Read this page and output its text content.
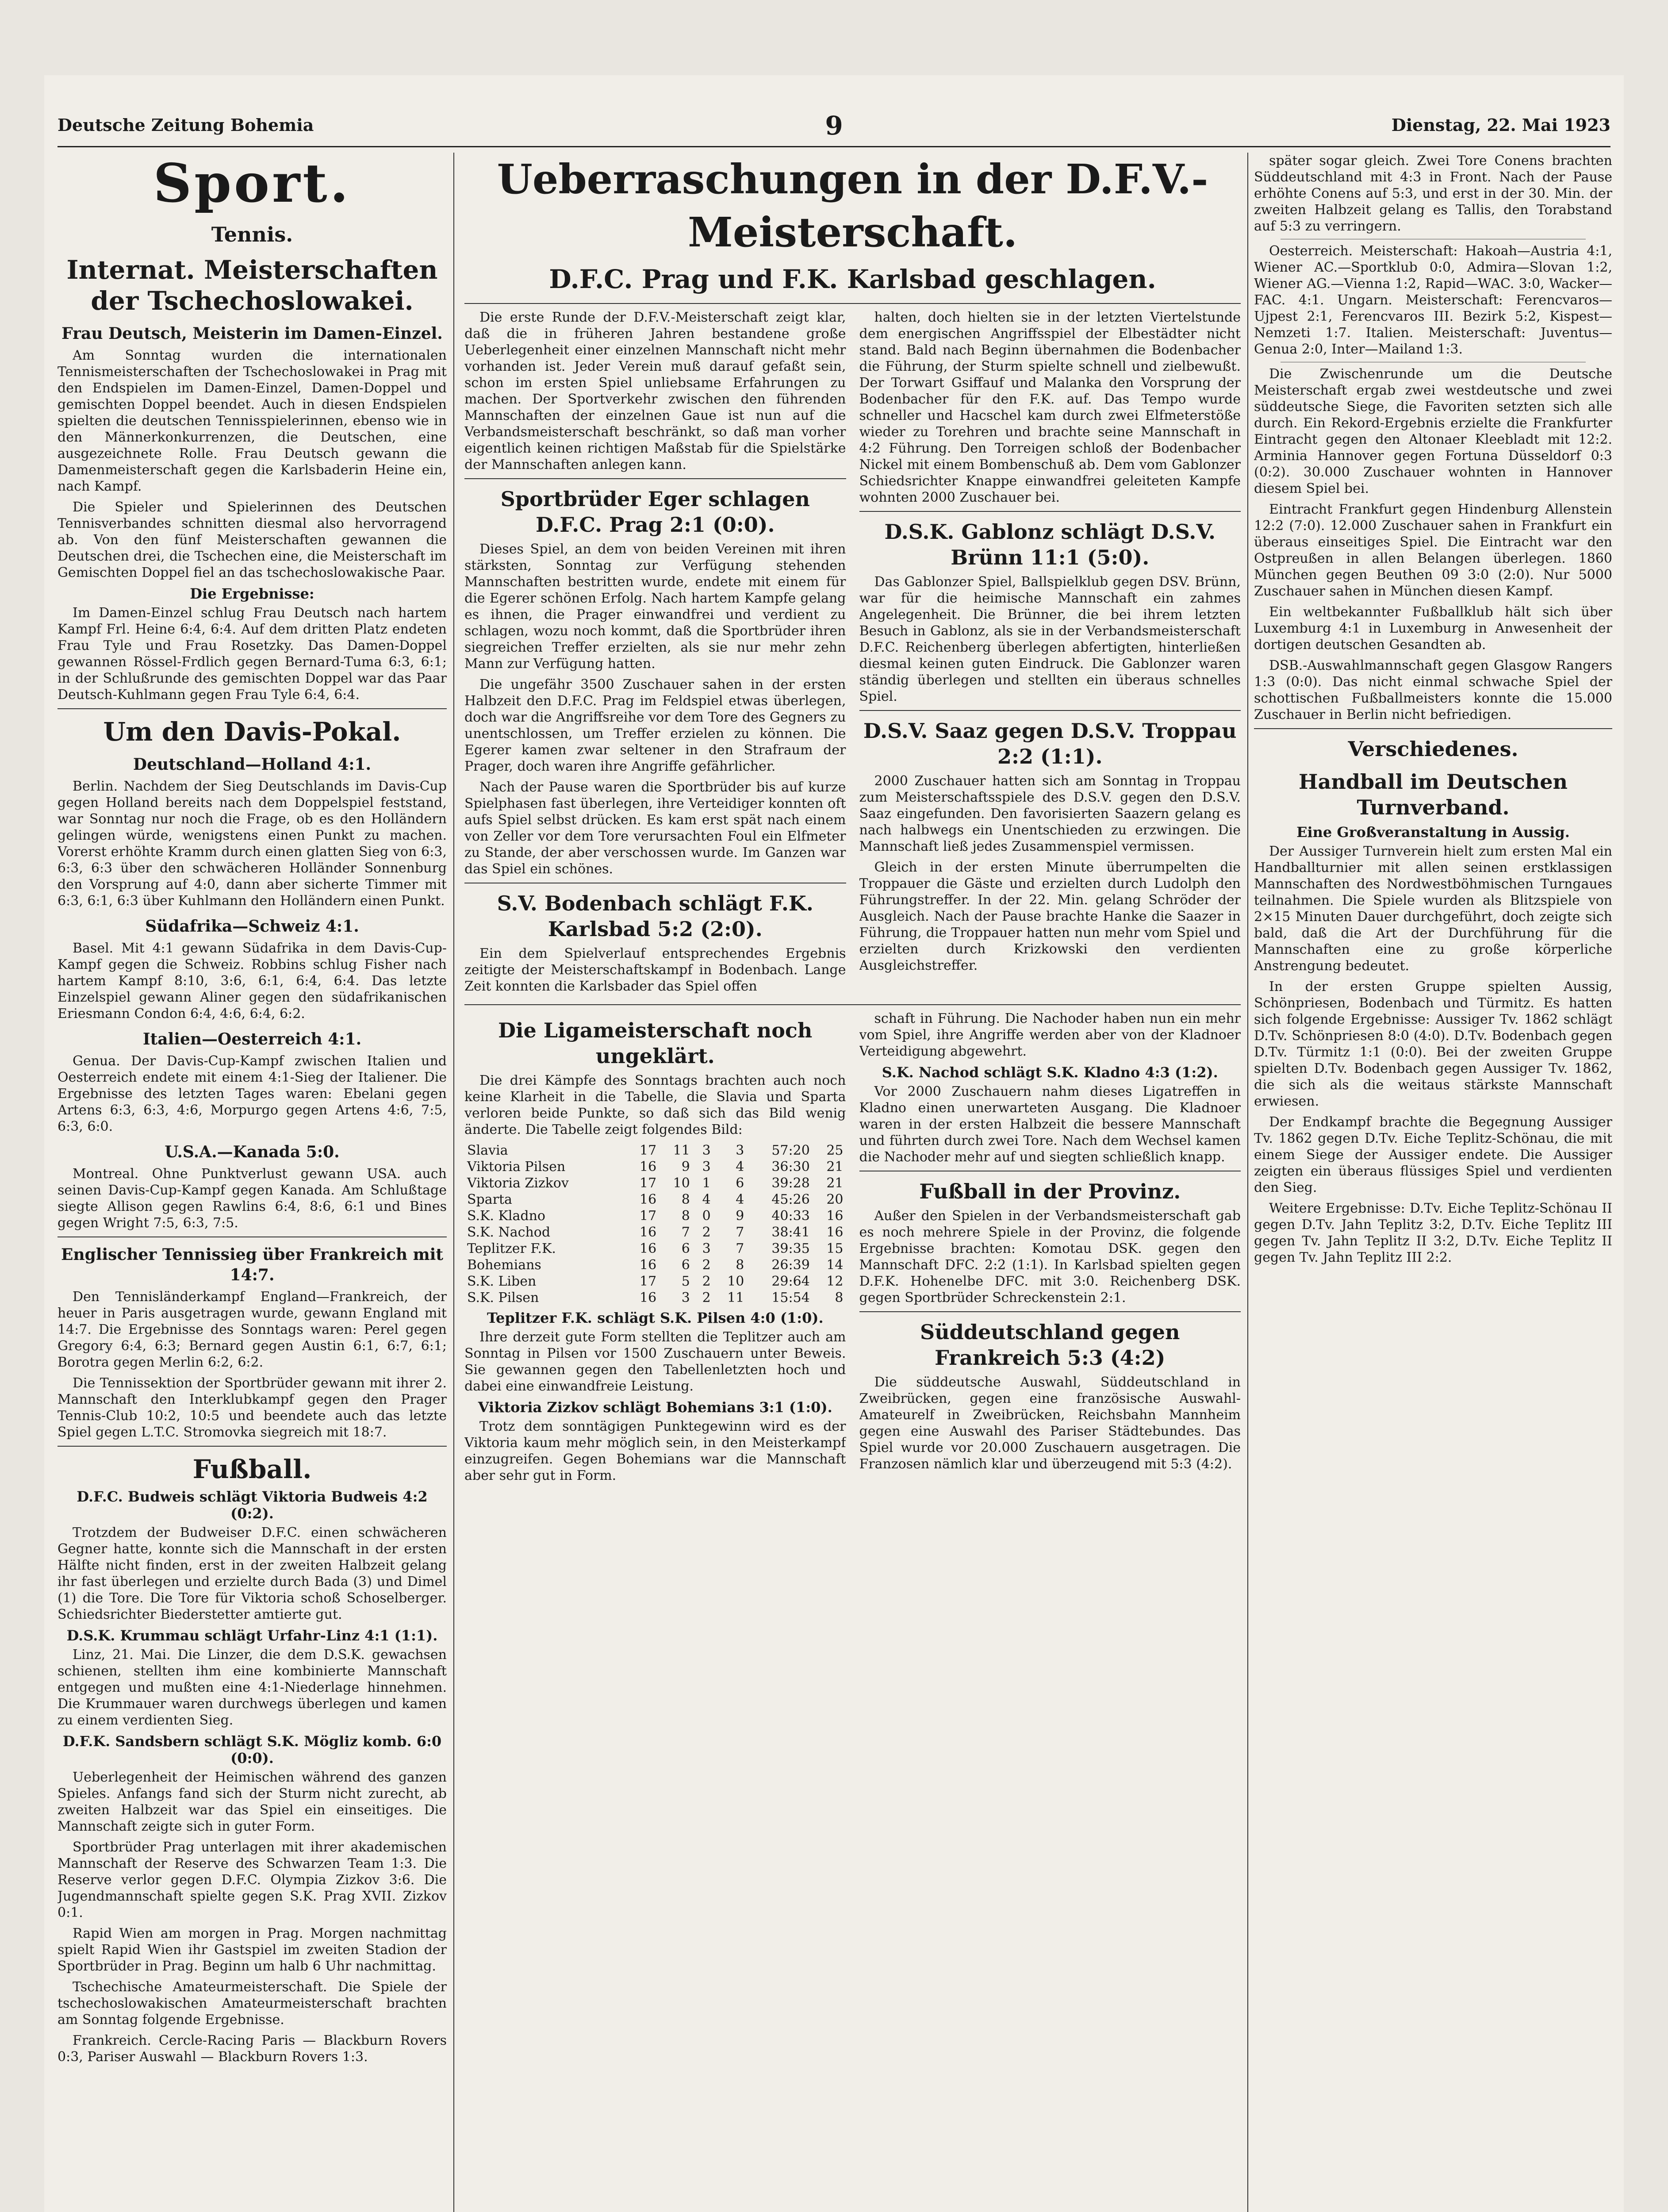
Deutsche Zeitung Bohemia	9	Dienstag, 22. Mai 1923
Sport.
Tennis.
Internat. Meisterschaften der Tschechoslowakei.
Frau Deutsch, Meisterin im Damen-Einzel.

Am Sonntag wurden die internationalen Tennismeisterschaften der Tschechoslowakei in Prag mit den Endspielen im Damen-Einzel, Damen-Doppel und gemischten Doppel beendet. Auch in diesen Endspielen spielten die deutschen Tennisspielerinnen, ebenso wie in den Männerkonkurrenzen, die Deutschen, eine ausgezeichnete Rolle. Frau Deutsch gewann die Damenmeisterschaft gegen die Karlsbaderin Heine ein, nach Kampf.

Die Spieler und Spielerinnen des Deutschen Tennisverbandes schnitten diesmal also hervorragend ab. Von den fünf Meisterschaften gewannen die Deutschen drei, die Tschechen eine, die Meisterschaft im Gemischten Doppel fiel an das tschechoslowakische Paar.

Die Ergebnisse:

Im Damen-Einzel schlug Frau Deutsch nach hartem Kampf Frl. Heine 6:4, 6:4. Auf dem dritten Platz endeten Frau Tyle und Frau Rosetzky. Das Damen-Doppel gewannen Rössel-Frdlich gegen Bernard-Tuma 6:3, 6:1; in der Schlußrunde des gemischten Doppel war das Paar Deutsch-Kuhlmann gegen Frau Tyle 6:4, 6:4.

Um den Davis-Pokal.
Deutschland—Holland 4:1.

Berlin. Nachdem der Sieg Deutschlands im Davis-Cup gegen Holland bereits nach dem Doppelspiel feststand, war Sonntag nur noch die Frage, ob es den Holländern gelingen würde, wenigstens einen Punkt zu machen. Vorerst erhöhte Kramm durch einen glatten Sieg von 6:3, 6:3, 6:3 über den schwächeren Holländer Sonnenburg den Vorsprung auf 4:0, dann aber sicherte Timmer mit 6:3, 6:1, 6:3 über Kuhlmann den Holländern einen Punkt.

Südafrika—Schweiz 4:1.

Basel. Mit 4:1 gewann Südafrika in dem Davis-Cup-Kampf gegen die Schweiz. Robbins schlug Fisher nach hartem Kampf 8:10, 3:6, 6:1, 6:4, 6:4. Das letzte Einzelspiel gewann Aliner gegen den südafrikanischen Eriesmann Condon 6:4, 4:6, 6:4, 6:2.

Italien—Oesterreich 4:1.

Genua. Der Davis-Cup-Kampf zwischen Italien und Oesterreich endete mit einem 4:1-Sieg der Italiener. Die Ergebnisse des letzten Tages waren: Ebelani gegen Artens 6:3, 6:3, 4:6, Morpurgo gegen Artens 4:6, 7:5, 6:3, 6:0.

U.S.A.—Kanada 5:0.

Montreal. Ohne Punktverlust gewann USA. auch seinen Davis-Cup-Kampf gegen Kanada. Am Schlußtage siegte Allison gegen Rawlins 6:4, 8:6, 6:1 und Bines gegen Wright 7:5, 6:3, 7:5.

Englischer Tennissieg über Frankreich mit 14:7.

Den Tennisländerkampf England—Frankreich, der heuer in Paris ausgetragen wurde, gewann England mit 14:7. Die Ergebnisse des Sonntags waren: Perel gegen Gregory 6:4, 6:3; Bernard gegen Austin 6:1, 6:7, 6:1; Borotra gegen Merlin 6:2, 6:2.

Die Tennissektion der Sportbrüder gewann mit ihrer 2. Mannschaft den Interklubkampf gegen den Prager Tennis-Club 10:2, 10:5 und beendete auch das letzte Spiel gegen L.T.C. Stromovka siegreich mit 18:7.

Fußball.
D.F.C. Budweis schlägt Viktoria Budweis 4:2 (0:2).

Trotzdem der Budweiser D.F.C. einen schwächeren Gegner hatte, konnte sich die Mannschaft in der ersten Hälfte nicht finden, erst in der zweiten Halbzeit gelang ihr fast überlegen und erzielte durch Bada (3) und Dimel (1) die Tore. Die Tore für Viktoria schoß Schoselberger. Schiedsrichter Biederstetter amtierte gut.

D.S.K. Krummau schlägt Urfahr-Linz 4:1 (1:1).

Linz, 21. Mai. Die Linzer, die dem D.S.K. gewachsen schienen, stellten ihm eine kombinierte Mannschaft entgegen und mußten eine 4:1-Niederlage hinnehmen. Die Krummauer waren durchwegs überlegen und kamen zu einem verdienten Sieg.

D.F.K. Sandsbern schlägt S.K. Mögliz komb. 6:0 (0:0).

Ueberlegenheit der Heimischen während des ganzen Spieles. Anfangs fand sich der Sturm nicht zurecht, ab zweiten Halbzeit war das Spiel ein einseitiges. Die Mannschaft zeigte sich in guter Form.

Sportbrüder Prag unterlagen mit ihrer akademischen Mannschaft der Reserve des Schwarzen Team 1:3. Die Reserve verlor gegen D.F.C. Olympia Zizkov 3:6. Die Jugendmannschaft spielte gegen S.K. Prag XVII. Zizkov 0:1.

Rapid Wien am morgen in Prag. Morgen nachmittag spielt Rapid Wien ihr Gastspiel im zweiten Stadion der Sportbrüder in Prag. Beginn um halb 6 Uhr nachmittag.

Tschechische Amateurmeisterschaft. Die Spiele der tschechoslowakischen Amateurmeisterschaft brachten am Sonntag folgende Ergebnisse.

Frankreich. Cercle-Racing Paris — Blackburn Rovers 0:3, Pariser Auswahl — Blackburn Rovers 1:3.

Ueberraschungen in der D.F.V.-Meisterschaft.
D.F.C. Prag und F.K. Karlsbad geschlagen.

Die erste Runde der D.F.V.-Meisterschaft zeigt klar, daß die in früheren Jahren bestandene große Ueberlegenheit einer einzelnen Mannschaft nicht mehr vorhanden ist. Jeder Verein muß darauf gefaßt sein, schon im ersten Spiel unliebsame Erfahrungen zu machen. Der Sportverkehr zwischen den führenden Mannschaften der einzelnen Gaue ist nun auf die Verbandsmeisterschaft beschränkt, so daß man vorher eigentlich keinen richtigen Maßstab für die Spielstärke der Mannschaften anlegen kann.

Sportbrüder Eger schlagen D.F.C. Prag 2:1 (0:0).

Dieses Spiel, an dem von beiden Vereinen mit ihren stärksten, Sonntag zur Verfügung stehenden Mannschaften bestritten wurde, endete mit einem für die Egerer schönen Erfolg. Nach hartem Kampfe gelang es ihnen, die Prager einwandfrei und verdient zu schlagen, wozu noch kommt, daß die Sportbrüder ihren siegreichen Treffer erzielten, als sie nur mehr zehn Mann zur Verfügung hatten.

Die ungefähr 3500 Zuschauer sahen in der ersten Halbzeit den D.F.C. Prag im Feldspiel etwas überlegen, doch war die Angriffsreihe vor dem Tore des Gegners zu unentschlossen, um Treffer erzielen zu können. Die Egerer kamen zwar seltener in den Strafraum der Prager, doch waren ihre Angriffe gefährlicher.

Nach der Pause waren die Sportbrüder bis auf kurze Spielphasen fast überlegen, ihre Verteidiger konnten oft aufs Spiel selbst drücken. Es kam erst spät nach einem von Zeller vor dem Tore verursachten Foul ein Elfmeter zu Stande, der aber verschossen wurde. Im Ganzen war das Spiel ein schönes.

S.V. Bodenbach schlägt F.K. Karlsbad 5:2 (2:0).

Ein dem Spielverlauf entsprechendes Ergebnis zeitigte der Meisterschaftskampf in Bodenbach. Lange Zeit konnten die Karlsbader das Spiel offen

halten, doch hielten sie in der letzten Viertelstunde dem energischen Angriffsspiel der Elbestädter nicht stand. Bald nach Beginn übernahmen die Bodenbacher die Führung, der Sturm spielte schnell und zielbewußt. Der Torwart Gsiffauf und Malanka den Vorsprung der Bodenbacher für den F.K. auf. Das Tempo wurde schneller und Hacschel kam durch zwei Elfmeterstöße wieder zu Torehren und brachte seine Mannschaft in 4:2 Führung. Den Torreigen schloß der Bodenbacher Nickel mit einem Bombenschuß ab. Dem vom Gablonzer Schiedsrichter Knappe einwandfrei geleiteten Kampfe wohnten 2000 Zuschauer bei.

D.S.K. Gablonz schlägt D.S.V. Brünn 11:1 (5:0).

Das Gablonzer Spiel, Ballspielklub gegen DSV. Brünn, war für die heimische Mannschaft ein zahmes Angelegenheit. Die Brünner, die bei ihrem letzten Besuch in Gablonz, als sie in der Verbandsmeisterschaft D.F.C. Reichenberg überlegen abfertigten, hinterließen diesmal keinen guten Eindruck. Die Gablonzer waren ständig überlegen und stellten ein überaus schnelles Spiel.

D.S.V. Saaz gegen D.S.V. Troppau 2:2 (1:1).

2000 Zuschauer hatten sich am Sonntag in Troppau zum Meisterschaftsspiele des D.S.V. gegen den D.S.V. Saaz eingefunden. Den favorisierten Saazern gelang es nach halbwegs ein Unentschieden zu erzwingen. Die Mannschaft ließ jedes Zusammenspiel vermissen.

Gleich in der ersten Minute überrumpelten die Troppauer die Gäste und erzielten durch Ludolph den Führungstreffer. In der 22. Min. gelang Schröder der Ausgleich. Nach der Pause brachte Hanke die Saazer in Führung, die Troppauer hatten nun mehr vom Spiel und erzielten durch Krizkowski den verdienten Ausgleichstreffer.

Die Ligameisterschaft noch ungeklärt.

Die drei Kämpfe des Sonntags brachten auch noch keine Klarheit in die Tabelle, die Slavia und Sparta verloren beide Punkte, so daß sich das Bild wenig änderte. Die Tabelle zeigt folgendes Bild:

Slavia	17	11	3	3	57:20	25
Viktoria Pilsen	16	9	3	4	36:30	21
Viktoria Zizkov	17	10	1	6	39:28	21
Sparta	16	8	4	4	45:26	20
S.K. Kladno	17	8	0	9	40:33	16
S.K. Nachod	16	7	2	7	38:41	16
Teplitzer F.K.	16	6	3	7	39:35	15
Bohemians	16	6	2	8	26:39	14
S.K. Liben	17	5	2	10	29:64	12
S.K. Pilsen	16	3	2	11	15:54	8
Teplitzer F.K. schlägt S.K. Pilsen 4:0 (1:0).

Ihre derzeit gute Form stellten die Teplitzer auch am Sonntag in Pilsen vor 1500 Zuschauern unter Beweis. Sie gewannen gegen den Tabellenletzten hoch und dabei eine einwandfreie Leistung.

Viktoria Zizkov schlägt Bohemians 3:1 (1:0).

Trotz dem sonntägigen Punktegewinn wird es der Viktoria kaum mehr möglich sein, in den Meisterkampf einzugreifen. Gegen Bohemians war die Mannschaft aber sehr gut in Form.

schaft in Führung. Die Nachoder haben nun ein mehr vom Spiel, ihre Angriffe werden aber von der Kladnoer Verteidigung abgewehrt.

S.K. Nachod schlägt S.K. Kladno 4:3 (1:2).

Vor 2000 Zuschauern nahm dieses Ligatreffen in Kladno einen unerwarteten Ausgang. Die Kladnoer waren in der ersten Halbzeit die bessere Mannschaft und führten durch zwei Tore. Nach dem Wechsel kamen die Nachoder mehr auf und siegten schließlich knapp.

Fußball in der Provinz.

Außer den Spielen in der Verbandsmeisterschaft gab es noch mehrere Spiele in der Provinz, die folgende Ergebnisse brachten: Komotau DSK. gegen den Mannschaft DFC. 2:2 (1:1). In Karlsbad spielten gegen D.F.K. Hohenelbe DFC. mit 3:0. Reichenberg DSK. gegen Sportbrüder Schreckenstein 2:1.

Süddeutschland gegen Frankreich 5:3 (4:2)

Die süddeutsche Auswahl, Süddeutschland in Zweibrücken, gegen eine französische Auswahl-Amateurelf in Zweibrücken, Reichsbahn Mannheim gegen eine Auswahl des Pariser Städtebundes. Das Spiel wurde vor 20.000 Zuschauern ausgetragen. Die Franzosen nämlich klar und überzeugend mit 5:3 (4:2).

später sogar gleich. Zwei Tore Conens brachten Süddeutschland mit 4:3 in Front. Nach der Pause erhöhte Conens auf 5:3, und erst in der 30. Min. der zweiten Halbzeit gelang es Tallis, den Torabstand auf 5:3 zu verringern.

Oesterreich. Meisterschaft: Hakoah—Austria 4:1, Wiener AC.—Sportklub 0:0, Admira—Slovan 1:2, Wiener AG.—Vienna 1:2, Rapid—WAC. 3:0, Wacker—FAC. 4:1. Ungarn. Meisterschaft: Ferencvaros—Ujpest 2:1, Ferencvaros III. Bezirk 5:2, Kispest—Nemzeti 1:7. Italien. Meisterschaft: Juventus—Genua 2:0, Inter—Mailand 1:3.

Die Zwischenrunde um die Deutsche Meisterschaft ergab zwei westdeutsche und zwei süddeutsche Siege, die Favoriten setzten sich alle durch. Ein Rekord-Ergebnis erzielte die Frankfurter Eintracht gegen den Altonaer Kleebladt mit 12:2. Arminia Hannover gegen Fortuna Düsseldorf 0:3 (0:2). 30.000 Zuschauer wohnten in Hannover diesem Spiel bei.

Eintracht Frankfurt gegen Hindenburg Allenstein 12:2 (7:0). 12.000 Zuschauer sahen in Frankfurt ein überaus einseitiges Spiel. Die Eintracht war den Ostpreußen in allen Belangen überlegen. 1860 München gegen Beuthen 09 3:0 (2:0). Nur 5000 Zuschauer sahen in München diesen Kampf.

Ein weltbekannter Fußballklub hält sich über Luxemburg 4:1 in Luxemburg in Anwesenheit der dortigen deutschen Gesandten ab.

DSB.-Auswahlmannschaft gegen Glasgow Rangers 1:3 (0:0). Das nicht einmal schwache Spiel der schottischen Fußballmeisters konnte die 15.000 Zuschauer in Berlin nicht befriedigen.

Verschiedenes.
Handball im Deutschen Turnverband.
Eine Großveranstaltung in Aussig.

Der Aussiger Turnverein hielt zum ersten Mal ein Handballturnier mit allen seinen erstklassigen Mannschaften des Nordwestböhmischen Turngaues teilnahmen. Die Spiele wurden als Blitzspiele von 2×15 Minuten Dauer durchgeführt, doch zeigte sich bald, daß die Art der Durchführung für die Mannschaften eine zu große körperliche Anstrengung bedeutet.

In der ersten Gruppe spielten Aussig, Schönpriesen, Bodenbach und Türmitz. Es hatten sich folgende Ergebnisse: Aussiger Tv. 1862 schlägt D.Tv. Schönpriesen 8:0 (4:0). D.Tv. Bodenbach gegen D.Tv. Türmitz 1:1 (0:0). Bei der zweiten Gruppe spielten D.Tv. Bodenbach gegen Aussiger Tv. 1862, die sich als die weitaus stärkste Mannschaft erwiesen.

Der Endkampf brachte die Begegnung Aussiger Tv. 1862 gegen D.Tv. Eiche Teplitz-Schönau, die mit einem Siege der Aussiger endete. Die Aussiger zeigten ein überaus flüssiges Spiel und verdienten den Sieg.

Weitere Ergebnisse: D.Tv. Eiche Teplitz-Schönau II gegen D.Tv. Jahn Teplitz 3:2, D.Tv. Eiche Teplitz III gegen Tv. Jahn Teplitz II 3:2, D.Tv. Eiche Teplitz II gegen Tv. Jahn Teplitz III 2:2.
